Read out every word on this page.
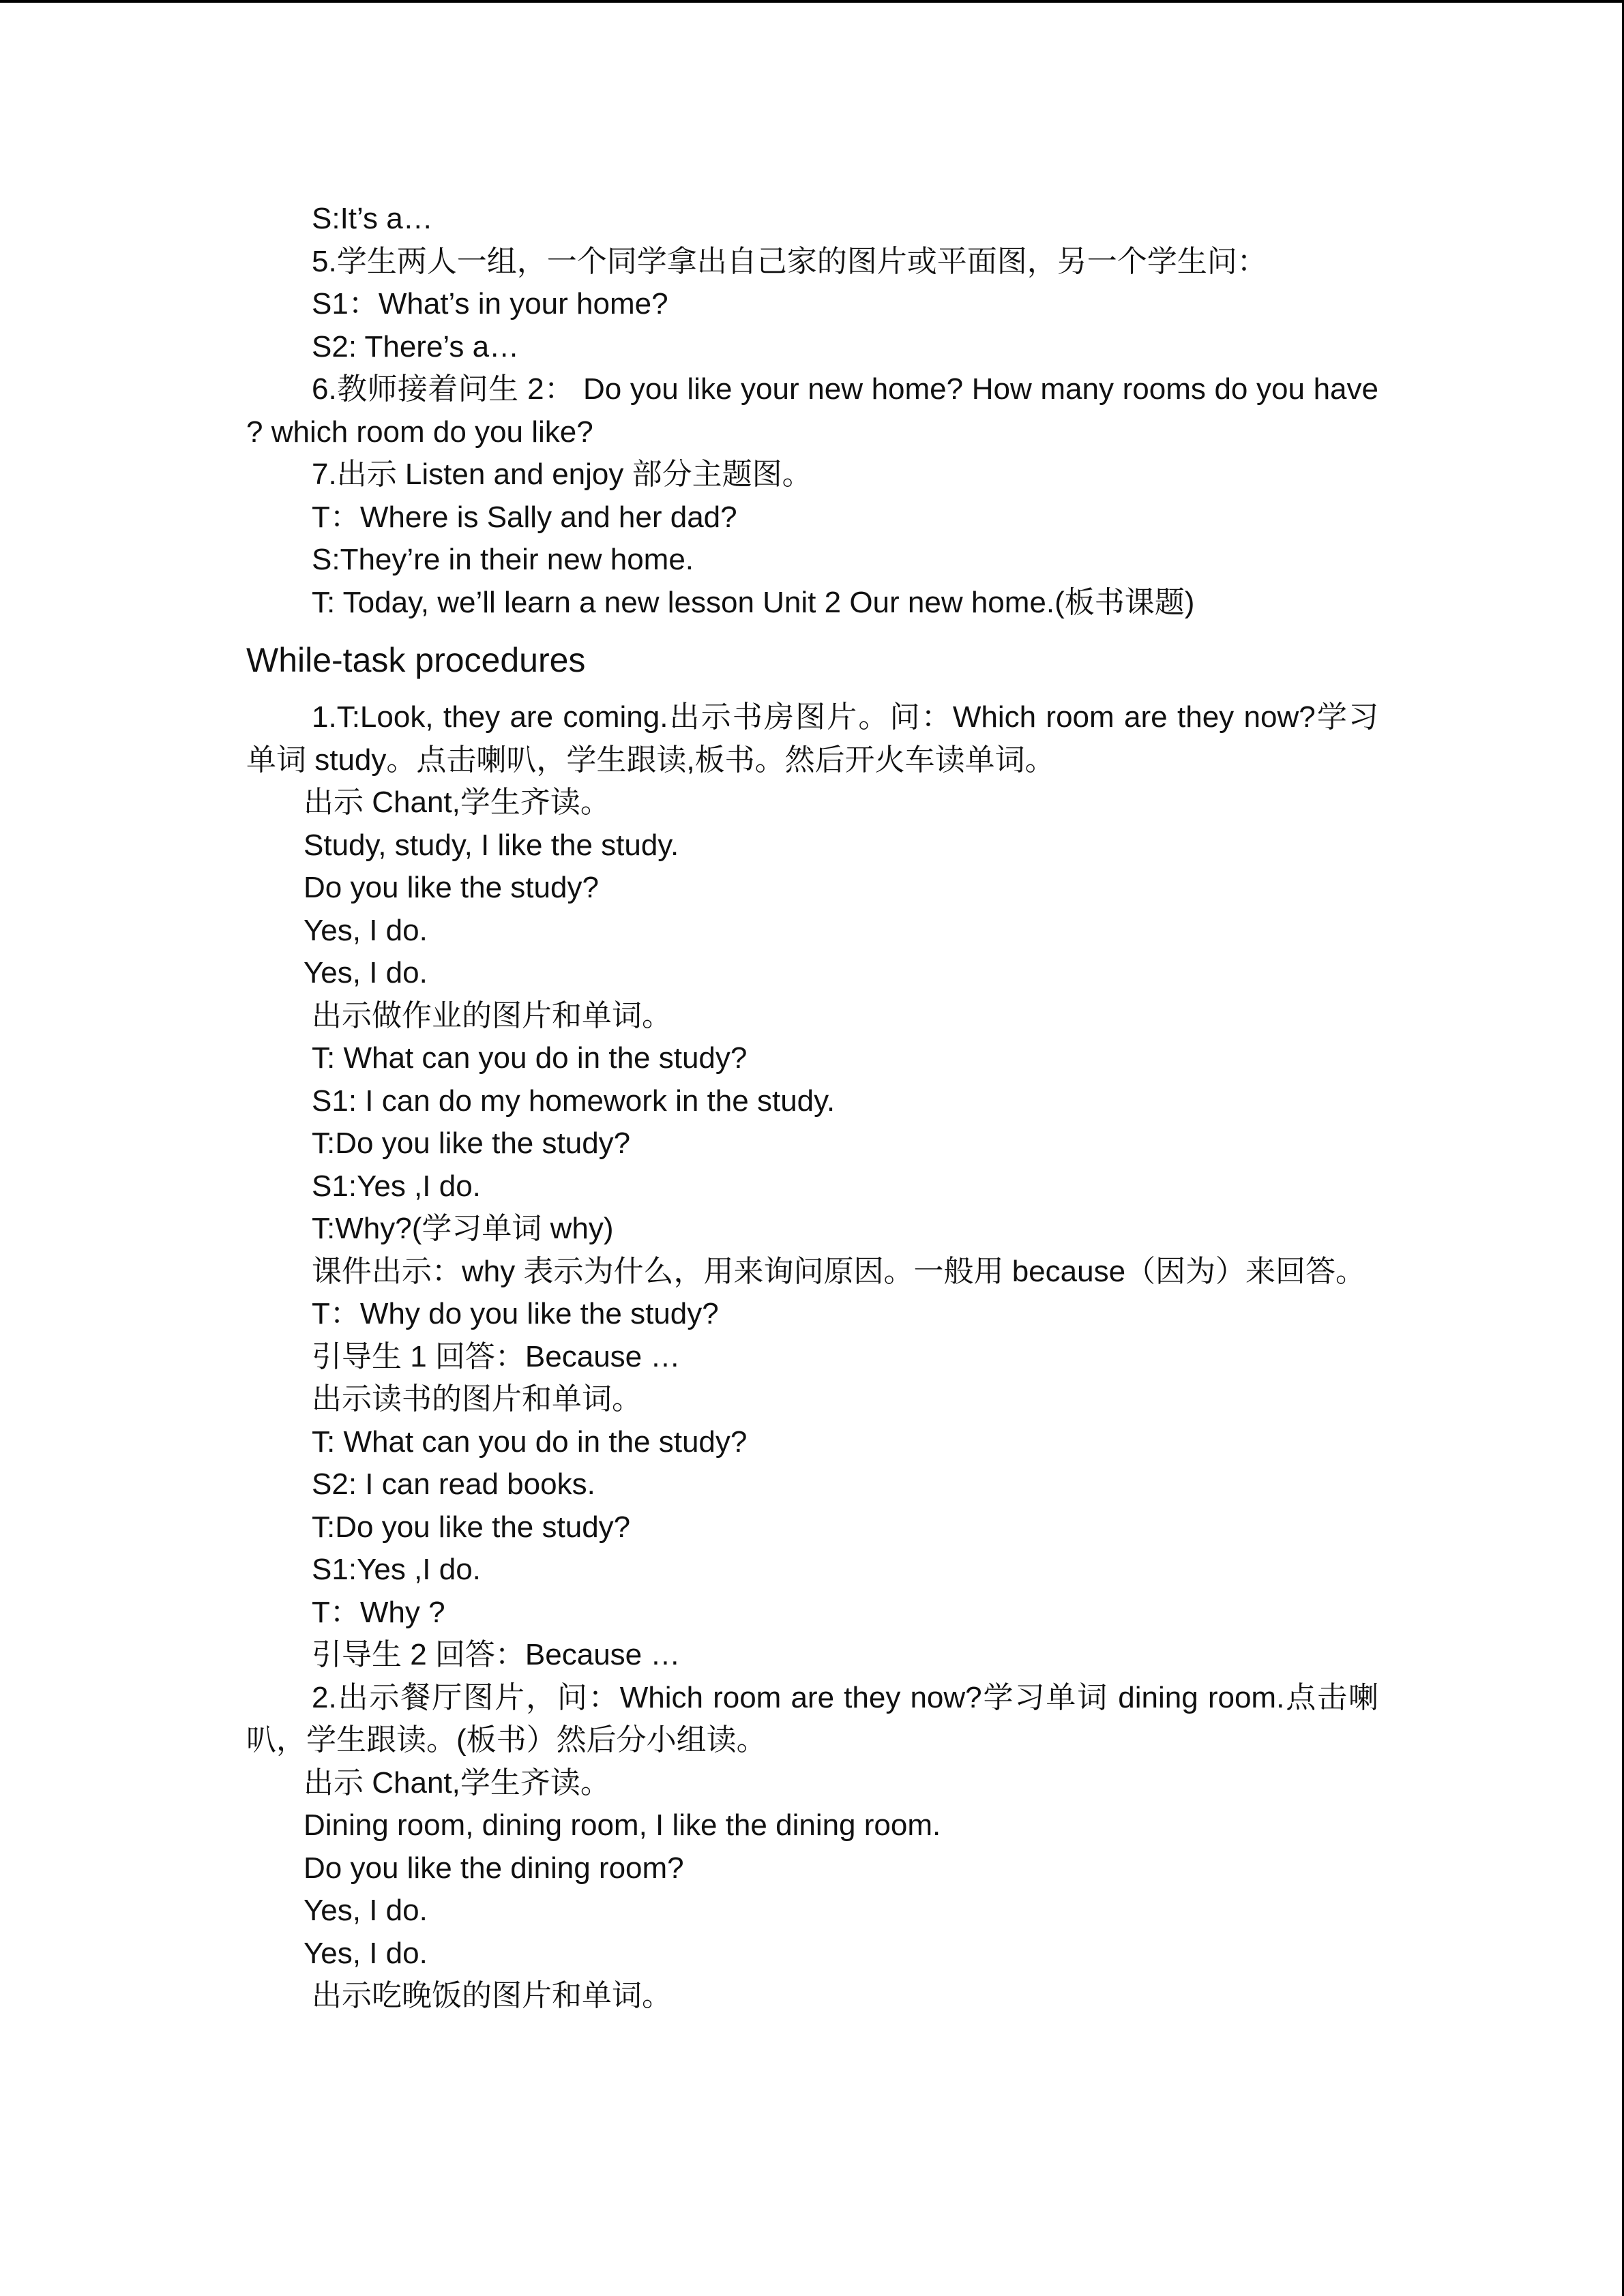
S:It’s a…
5.学生两人一组，一个同学拿出自己家的图片或平面图，另一个学生问：
S1：What’s in your home?
S2: There’s a…
6.教师接着问生 2： Do you like your new home? How many rooms do you have ? which room do you like?
7.出示 Listen and enjoy 部分主题图。
T：Where is Sally and her dad?
S:They’re in their new home.
T: Today, we’ll learn a new lesson Unit 2 Our new home.(板书课题)
While-task procedures
1.T:Look, they are coming.出示书房图片。问：Which room are they now?学习单词 study。点击喇叭，学生跟读,板书。然后开火车读单词。
出示 Chant,学生齐读。
Study, study, I like the study.
Do you like the study?
Yes, I do.
Yes, I do.
出示做作业的图片和单词。
T: What can you do in the study?
S1: I can do my homework in the study.
T:Do you like the study?
S1:Yes ,I do.
T:Why?(学习单词 why)
课件出示：why 表示为什么，用来询问原因。一般用 because（因为）来回答。
T：Why do you like the study?
引导生 1 回答：Because …
出示读书的图片和单词。
T: What can you do in the study?
S2: I can read books.
T:Do you like the study?
S1:Yes ,I do.
T：Why ?
引导生 2 回答：Because …
2.出示餐厅图片，问：Which room are they now?学习单词 dining room.点击喇叭，学生跟读。(板书）然后分小组读。
出示 Chant,学生齐读。
Dining room, dining room, I like the dining room.
Do you like the dining room?
Yes, I do.
Yes, I do.
出示吃晚饭的图片和单词。
